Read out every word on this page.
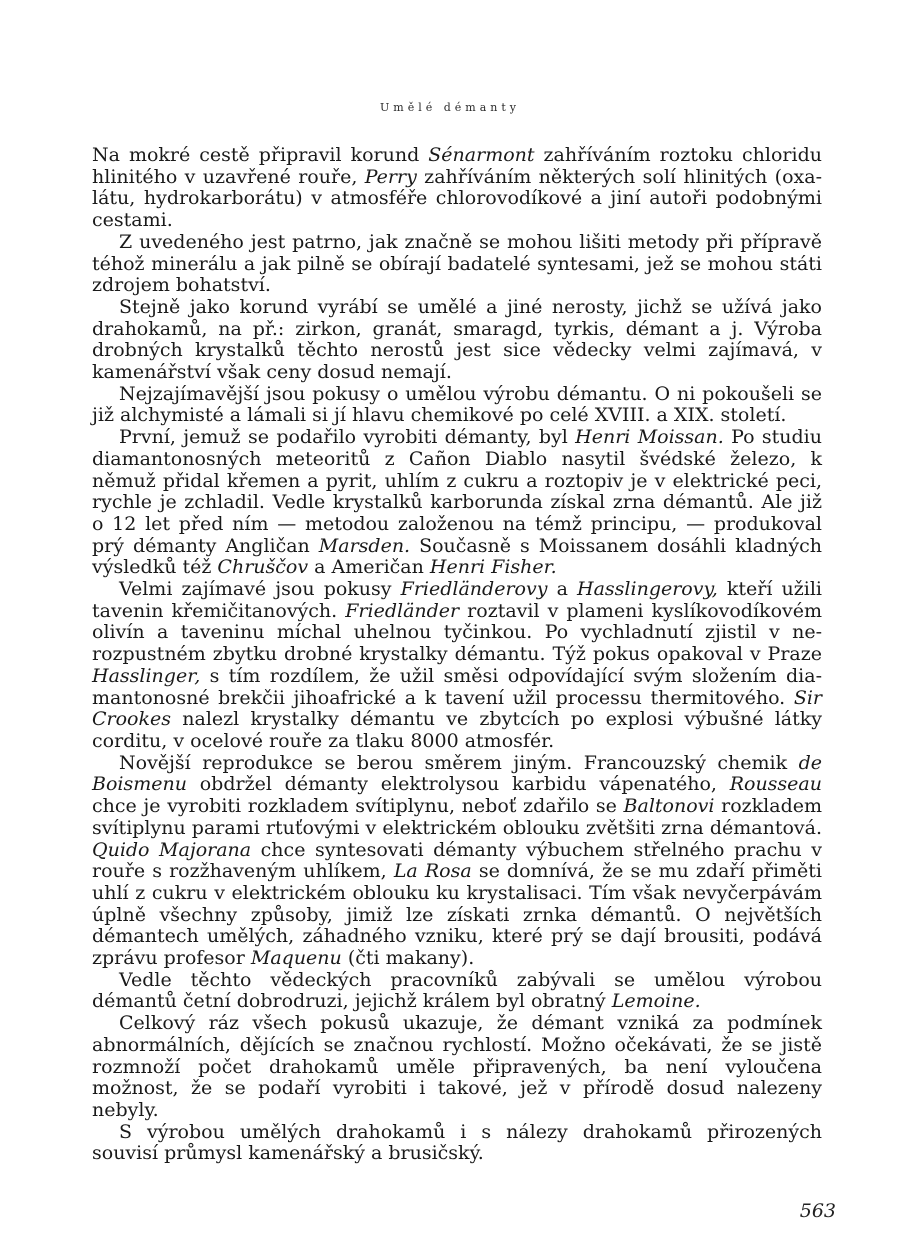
Umělé démanty

Na mokré cestě připravil korund Sénarmont zahříváním roztoku chloridu hlinitého v uzavřené rouře, Perry zahříváním některých solí hlinitých (oxalátu, hydrokarborátu) v atmosféře chlorovodíkové a jiní autoři podobnými cestami.

Z uvedeného jest patrno, jak značně se mohou lišiti metody při přípravě téhož minerálu a jak pilně se obírají badatelé syntesami, jež se mohou státi zdrojem bohatství.

Stejně jako korund vyrábí se umělé a jiné nerosty, jichž se užívá jako drahokamů, na př.: zirkon, granát, smaragd, tyrkis, démant a j. Výroba drobných krystalků těchto nerostů jest sice vědecky velmi zajímavá, v kamenářství však ceny dosud nemají.

Nejzajímavější jsou pokusy o umělou výrobu démantu. O ni pokoušeli se již alchymisté a lámali si jí hlavu chemikové po celé XVIII. a XIX. století.

První, jemuž se podařilo vyrobiti démanty, byl Henri Moissan. Po studiu diamantonosných meteoritů z Cañon Diablo nasytil švédské železo, k němuž přidal křemen a pyrit, uhlím z cukru a roztopiv je v elektrické peci, rychle je zchladil. Vedle krystalků karborunda získal zrna démantů. Ale již o 12 let před ním — metodou založenou na témž principu, — produkoval prý démanty Angličan Marsden. Současně s Moissanem dosáhli kladných výsledků též Chruščov a Američan Henri Fisher.

Velmi zajímavé jsou pokusy Friedländerovy a Hasslingerovy, kteří užili tavenin křemičitanových. Friedländer roztavil v plameni kyslíkovodíkovém olivín a taveninu míchal uhelnou tyčinkou. Po vychladnutí zjistil v nerozpustném zbytku drobné krystalky démantu. Týž pokus opakoval v Praze Hasslinger, s tím rozdílem, že užil směsi odpovídající svým složením diamantonosné brekčii jihoafrické a k tavení užil processu thermitového. Sir Crookes nalezl krystalky démantu ve zbytcích po explosi výbušné látky corditu, v ocelové rouře za tlaku 8000 atmosfér.

Novější reprodukce se berou směrem jiným. Francouzský chemik de Boismenu obdržel démanty elektrolysou karbidu vápenatého, Rousseau chce je vyrobiti rozkladem svítiplynu, neboť zdařilo se Baltonovi rozkladem svítiplynu parami rtuťovými v elektrickém oblouku zvětšiti zrna démantová. Quido Majorana chce syntesovati démanty výbuchem střelného prachu v rouře s rozžhaveným uhlíkem, La Rosa se domnívá, že se mu zdaří přiměti uhlí z cukru v elektrickém oblouku ku krystalisaci. Tím však nevyčerpávám úplně všechny způsoby, jimiž lze získati zrnka démantů. O největších démantech umělých, záhadného vzniku, které prý se dají brousiti, podává zprávu profesor Maquenu (čti makany).

Vedle těchto vědeckých pracovníků zabývali se umělou výrobou démantů četní dobrodruzi, jejichž králem byl obratný Lemoine.

Celkový ráz všech pokusů ukazuje, že démant vzniká za podmínek abnormálních, dějících se značnou rychlostí. Možno očekávati, že se jistě rozmnoží počet drahokamů uměle připravených, ba není vyloučena možnost, že se podaří vyrobiti i takové, jež v přírodě dosud nalezeny nebyly.

S výrobou umělých drahokamů i s nálezy drahokamů přirozených souvisí průmysl kamenářský a brusičský.

563
